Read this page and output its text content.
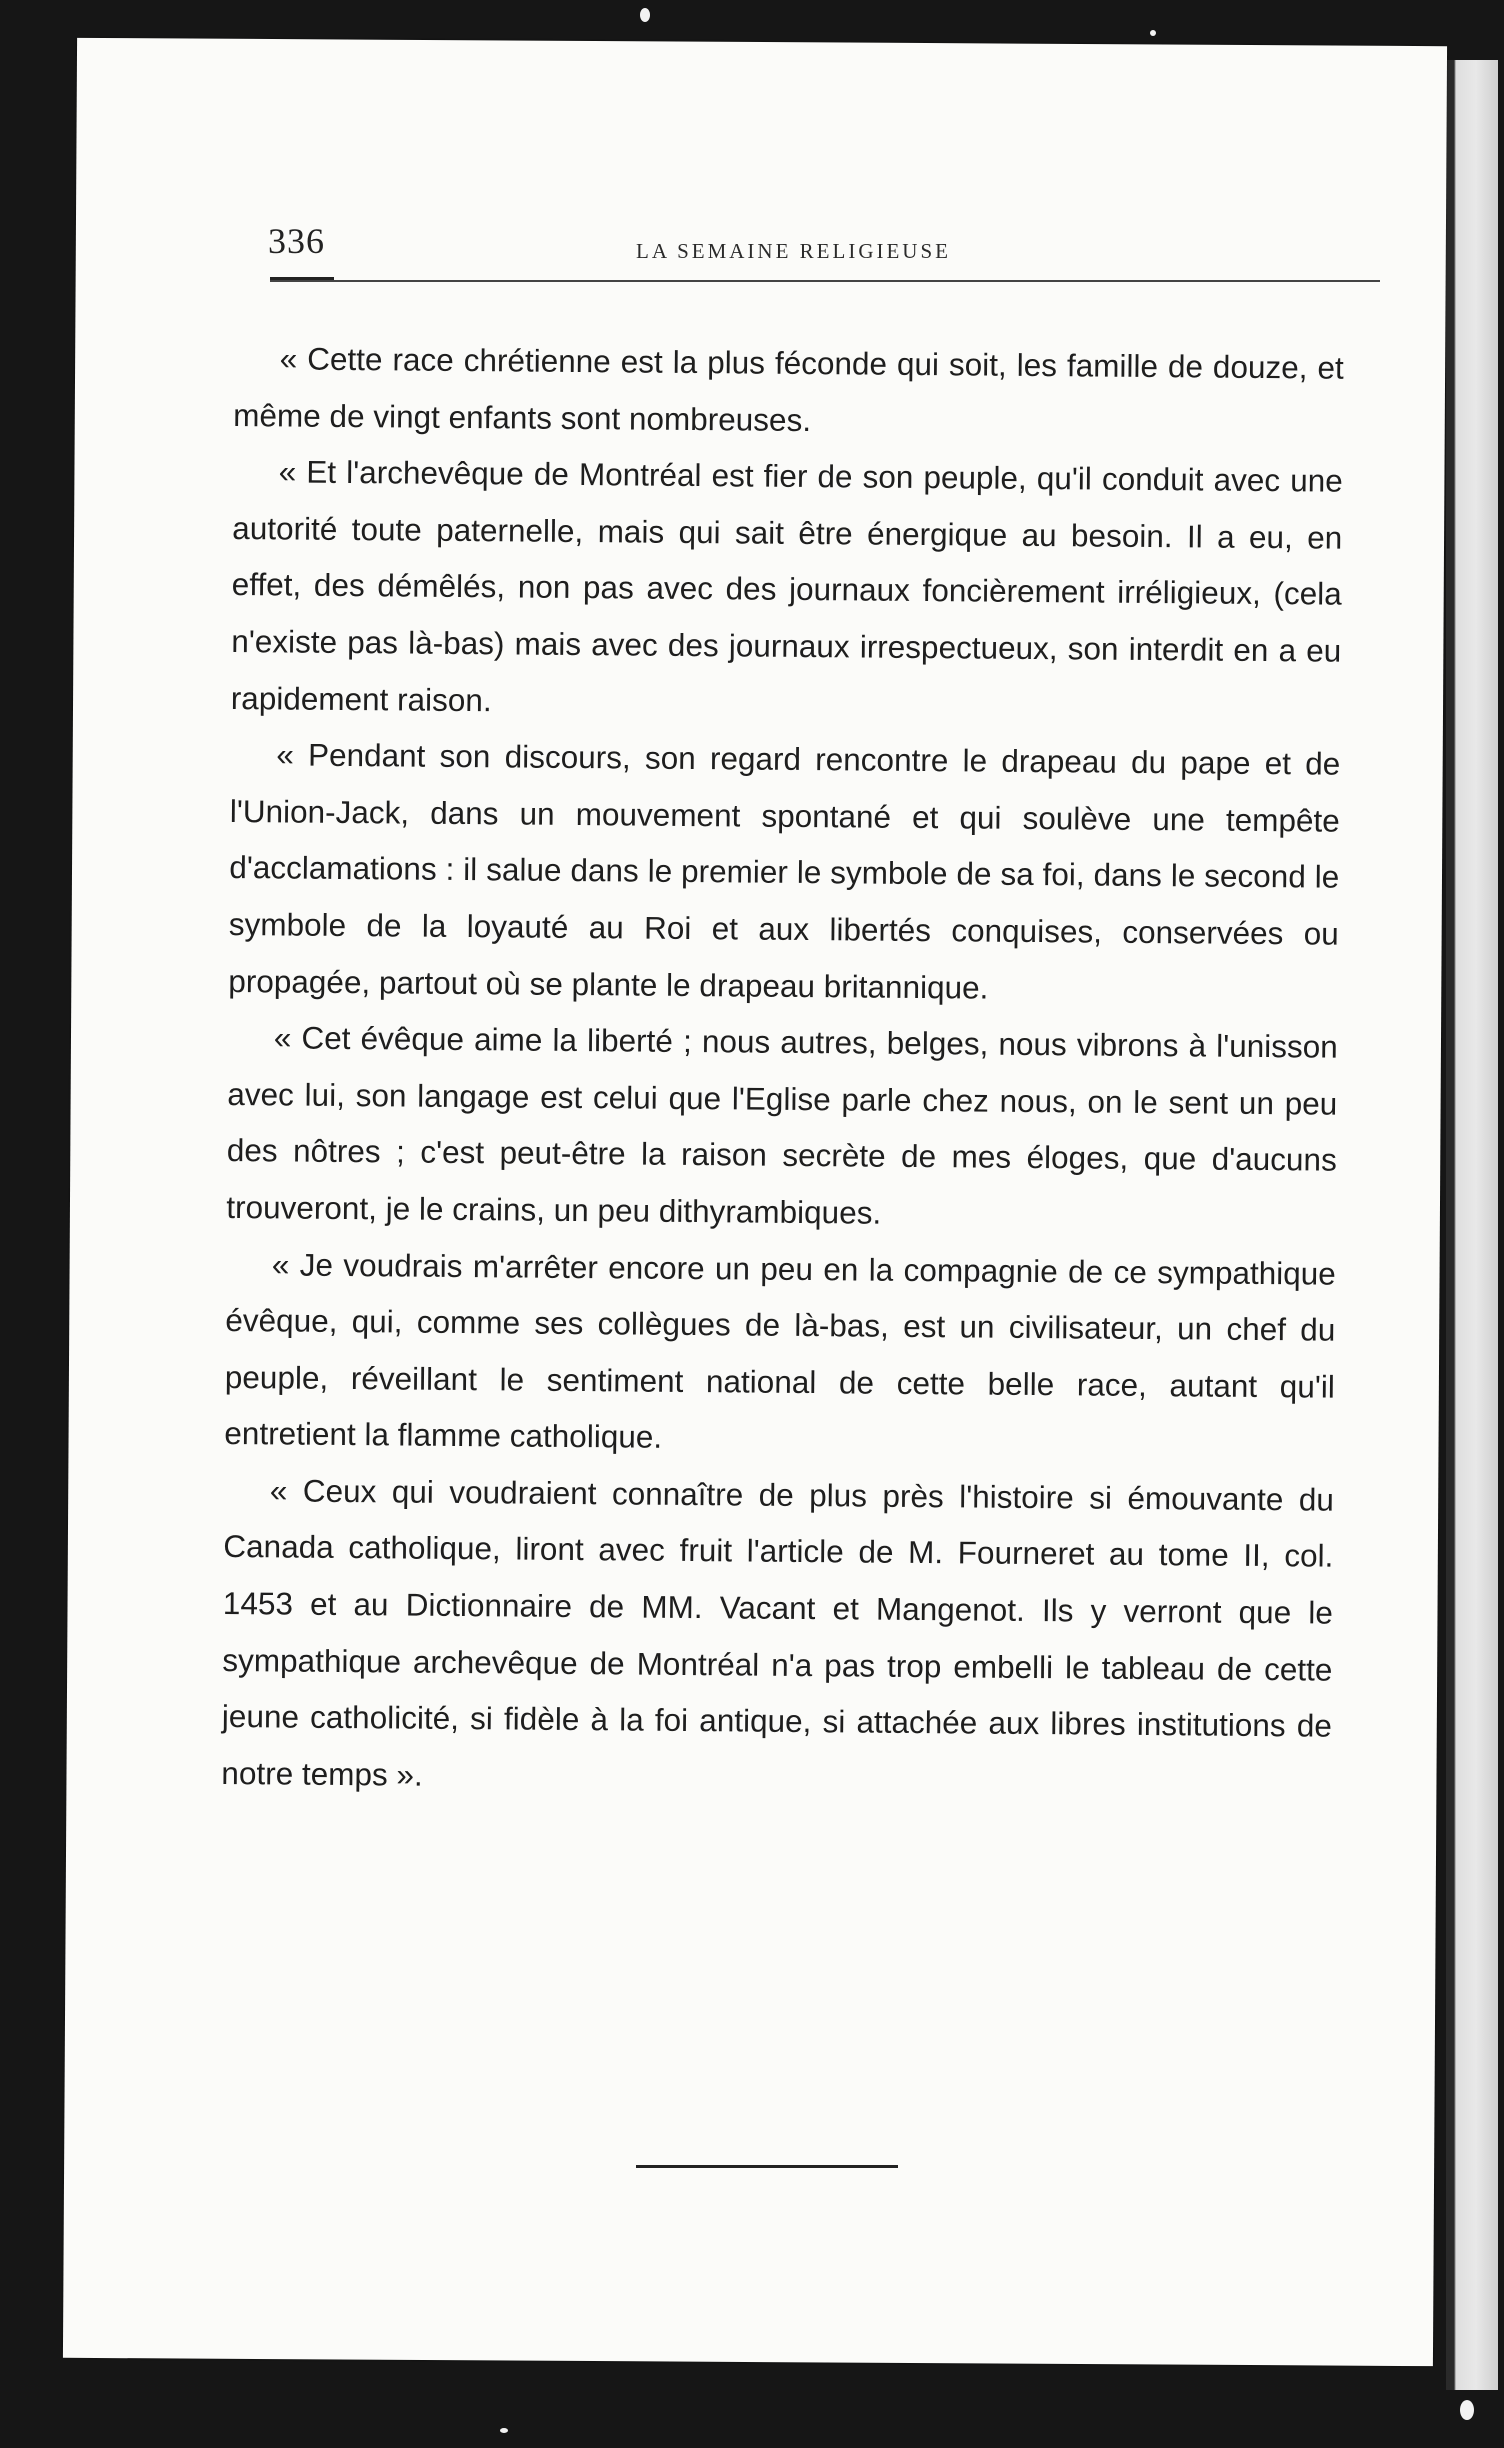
336	LA SEMAINE RELIGIEUSE

« Cette race chrétienne est la plus féconde qui soit, les famille de douze, et même de vingt enfants sont nombreuses.

« Et l'archevêque de Montréal est fier de son peuple, qu'il conduit avec une autorité toute paternelle, mais qui sait être énergique au besoin. Il a eu, en effet, des démêlés, non pas avec des journaux foncièrement irréligieux, (cela n'existe pas là-bas) mais avec des journaux irrespectueux, son interdit en a eu rapidement raison.

« Pendant son discours, son regard rencontre le drapeau du pape et de l'Union-Jack, dans un mouvement spontané et qui soulève une tempête d'acclamations : il salue dans le premier le symbole de sa foi, dans le second le symbole de la loyauté au Roi et aux libertés conquises, conservées ou propagée, partout où se plante le drapeau britannique.

« Cet évêque aime la liberté ; nous autres, belges, nous vibrons à l'unisson avec lui, son langage est celui que l'Eglise parle chez nous, on le sent un peu des nôtres ; c'est peut-être la raison secrète de mes éloges, que d'aucuns trouveront, je le crains, un peu dithyrambiques.

« Je voudrais m'arrêter encore un peu en la compagnie de ce sympathique évêque, qui, comme ses collègues de là-bas, est un civilisateur, un chef du peuple, réveillant le sentiment national de cette belle race, autant qu'il entretient la flamme catholique.

« Ceux qui voudraient connaître de plus près l'histoire si émouvante du Canada catholique, liront avec fruit l'article de M. Fourneret au tome II, col. 1453 et au Dictionnaire de MM. Vacant et Mangenot. Ils y verront que le sympathique archevêque de Montréal n'a pas trop embelli le tableau de cette jeune catholicité, si fidèle à la foi antique, si attachée aux libres institutions de notre temps ».
